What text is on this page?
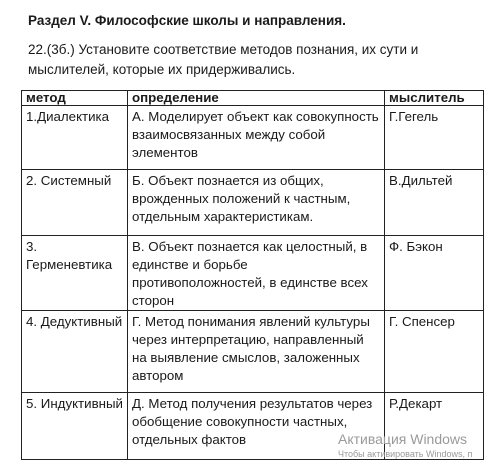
Раздел V. Философские школы и направления.
22.(3б.) Установите соответствие методов познания, их сути и мыслителей, которые их придерживались.
метод	определение	мыслитель
1.Диалектика	А. Моделирует объект как совокупность взаимосвязанных между собой элементов	Г.Гегель
2. Системный	Б. Объект познается из общих, врожденных положений к частным, отдельным характеристикам.	В.Дильтей
3. Герменевтика	В. Объект познается как целостный, в единстве и борьбе противоположностей, в единстве всех сторон	Ф. Бэкон
4. Дедуктивный	Г. Метод понимания явлений культуры через интерпретацию, направленный на выявление смыслов, заложенных автором	Г. Спенсер
5. Индуктивный	Д. Метод получения результатов через обобщение совокупности частных, отдельных фактов	Р.Декарт
Активация Windows
Чтобы активировать Windows, п
